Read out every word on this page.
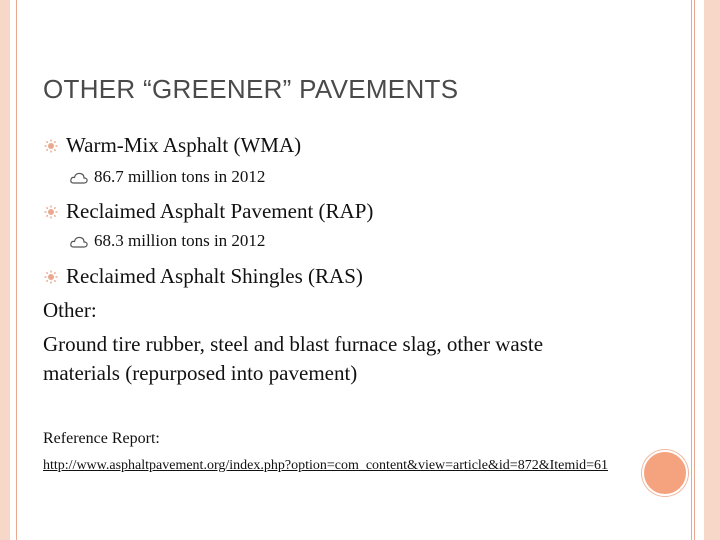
OTHER “GREENER” PAVEMENTS
Warm-Mix Asphalt (WMA)
86.7 million tons in 2012
Reclaimed Asphalt Pavement (RAP)
68.3 million tons in 2012
Reclaimed Asphalt Shingles (RAS)
Other:
Ground tire rubber, steel and blast furnace slag, other waste
materials (repurposed into pavement)
Reference Report:
http://www.asphaltpavement.org/index.php?option=com_content&view=article&id=872&Itemid=61
